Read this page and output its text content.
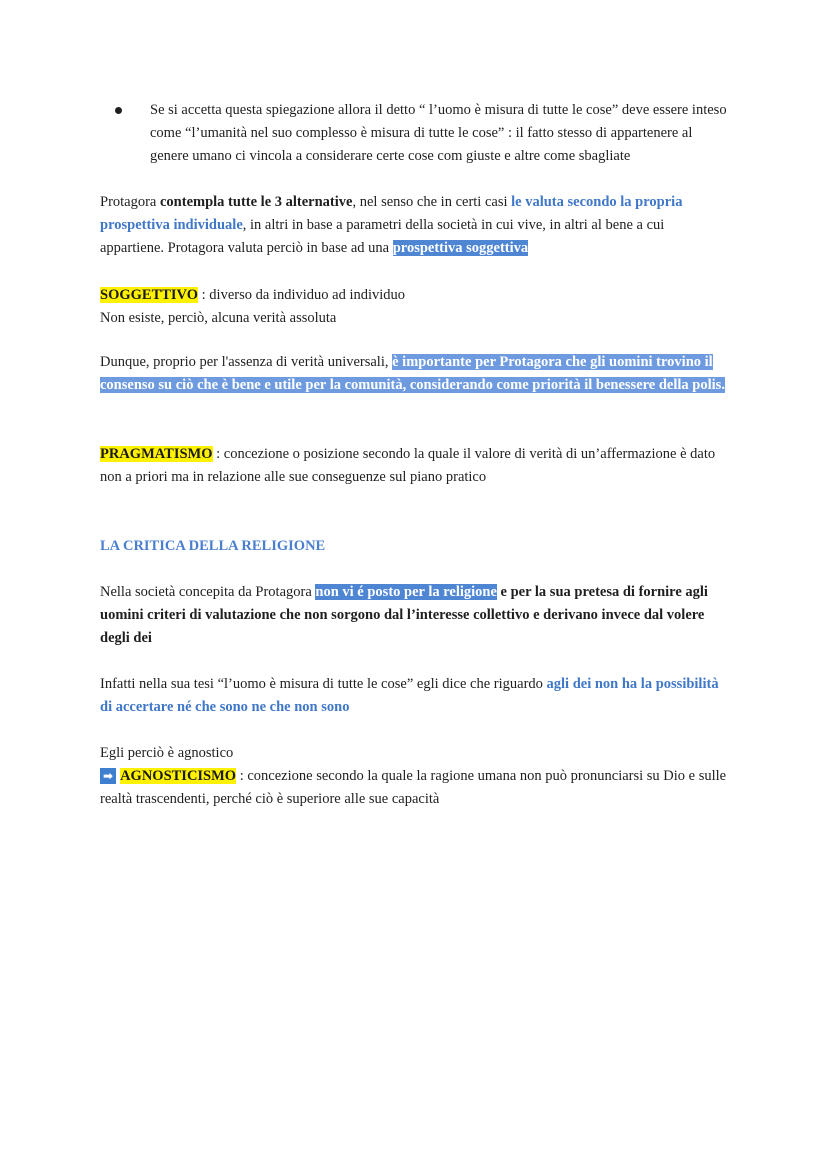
Se si accetta questa spiegazione allora il detto “ l’uomo è misura di tutte le cose” deve essere inteso come “l’umanità nel suo complesso è misura di tutte le cose” : il fatto stesso di appartenere al genere umano ci vincola a considerare certe cose com giuste e altre come sbagliate
Protagora contempla tutte le 3 alternative, nel senso che in certi casi le valuta secondo la propria prospettiva individuale, in altri in base a parametri della società in cui vive, in altri al bene a cui appartiene. Protagora valuta perciò in base ad una prospettiva soggettiva
SOGGETTIVO : diverso da individuo ad individuo
Non esiste, perciò, alcuna verità assoluta
Dunque, proprio per l'assenza di verità universali, è importante per Protagora che gli uomini trovino il consenso su ciò che è bene e utile per la comunità, considerando come priorità il benessere della polis.
PRAGMATISMO : concezione o posizione secondo la quale il valore di verità di un’affermazione è dato non a priori ma in relazione alle sue conseguenze sul piano pratico
LA CRITICA DELLA RELIGIONE
Nella società concepita da Protagora non vi é posto per la religione e per la sua pretesa di fornire agli uomini criteri di valutazione che non sorgono dal l’interesse collettivo e derivano invece dal volere degli dei
Infatti nella sua tesi “l’uomo è misura di tutte le cose” egli dice che riguardo agli dei non ha la possibilità di accertare né che sono ne che non sono
Egli perciò è agnostico
➡ AGNOSTICISMO : concezione secondo la quale la ragione umana non può pronunciarsi su Dio e sulle realtà trascendenti, perché ciò è superiore alle sue capacità
